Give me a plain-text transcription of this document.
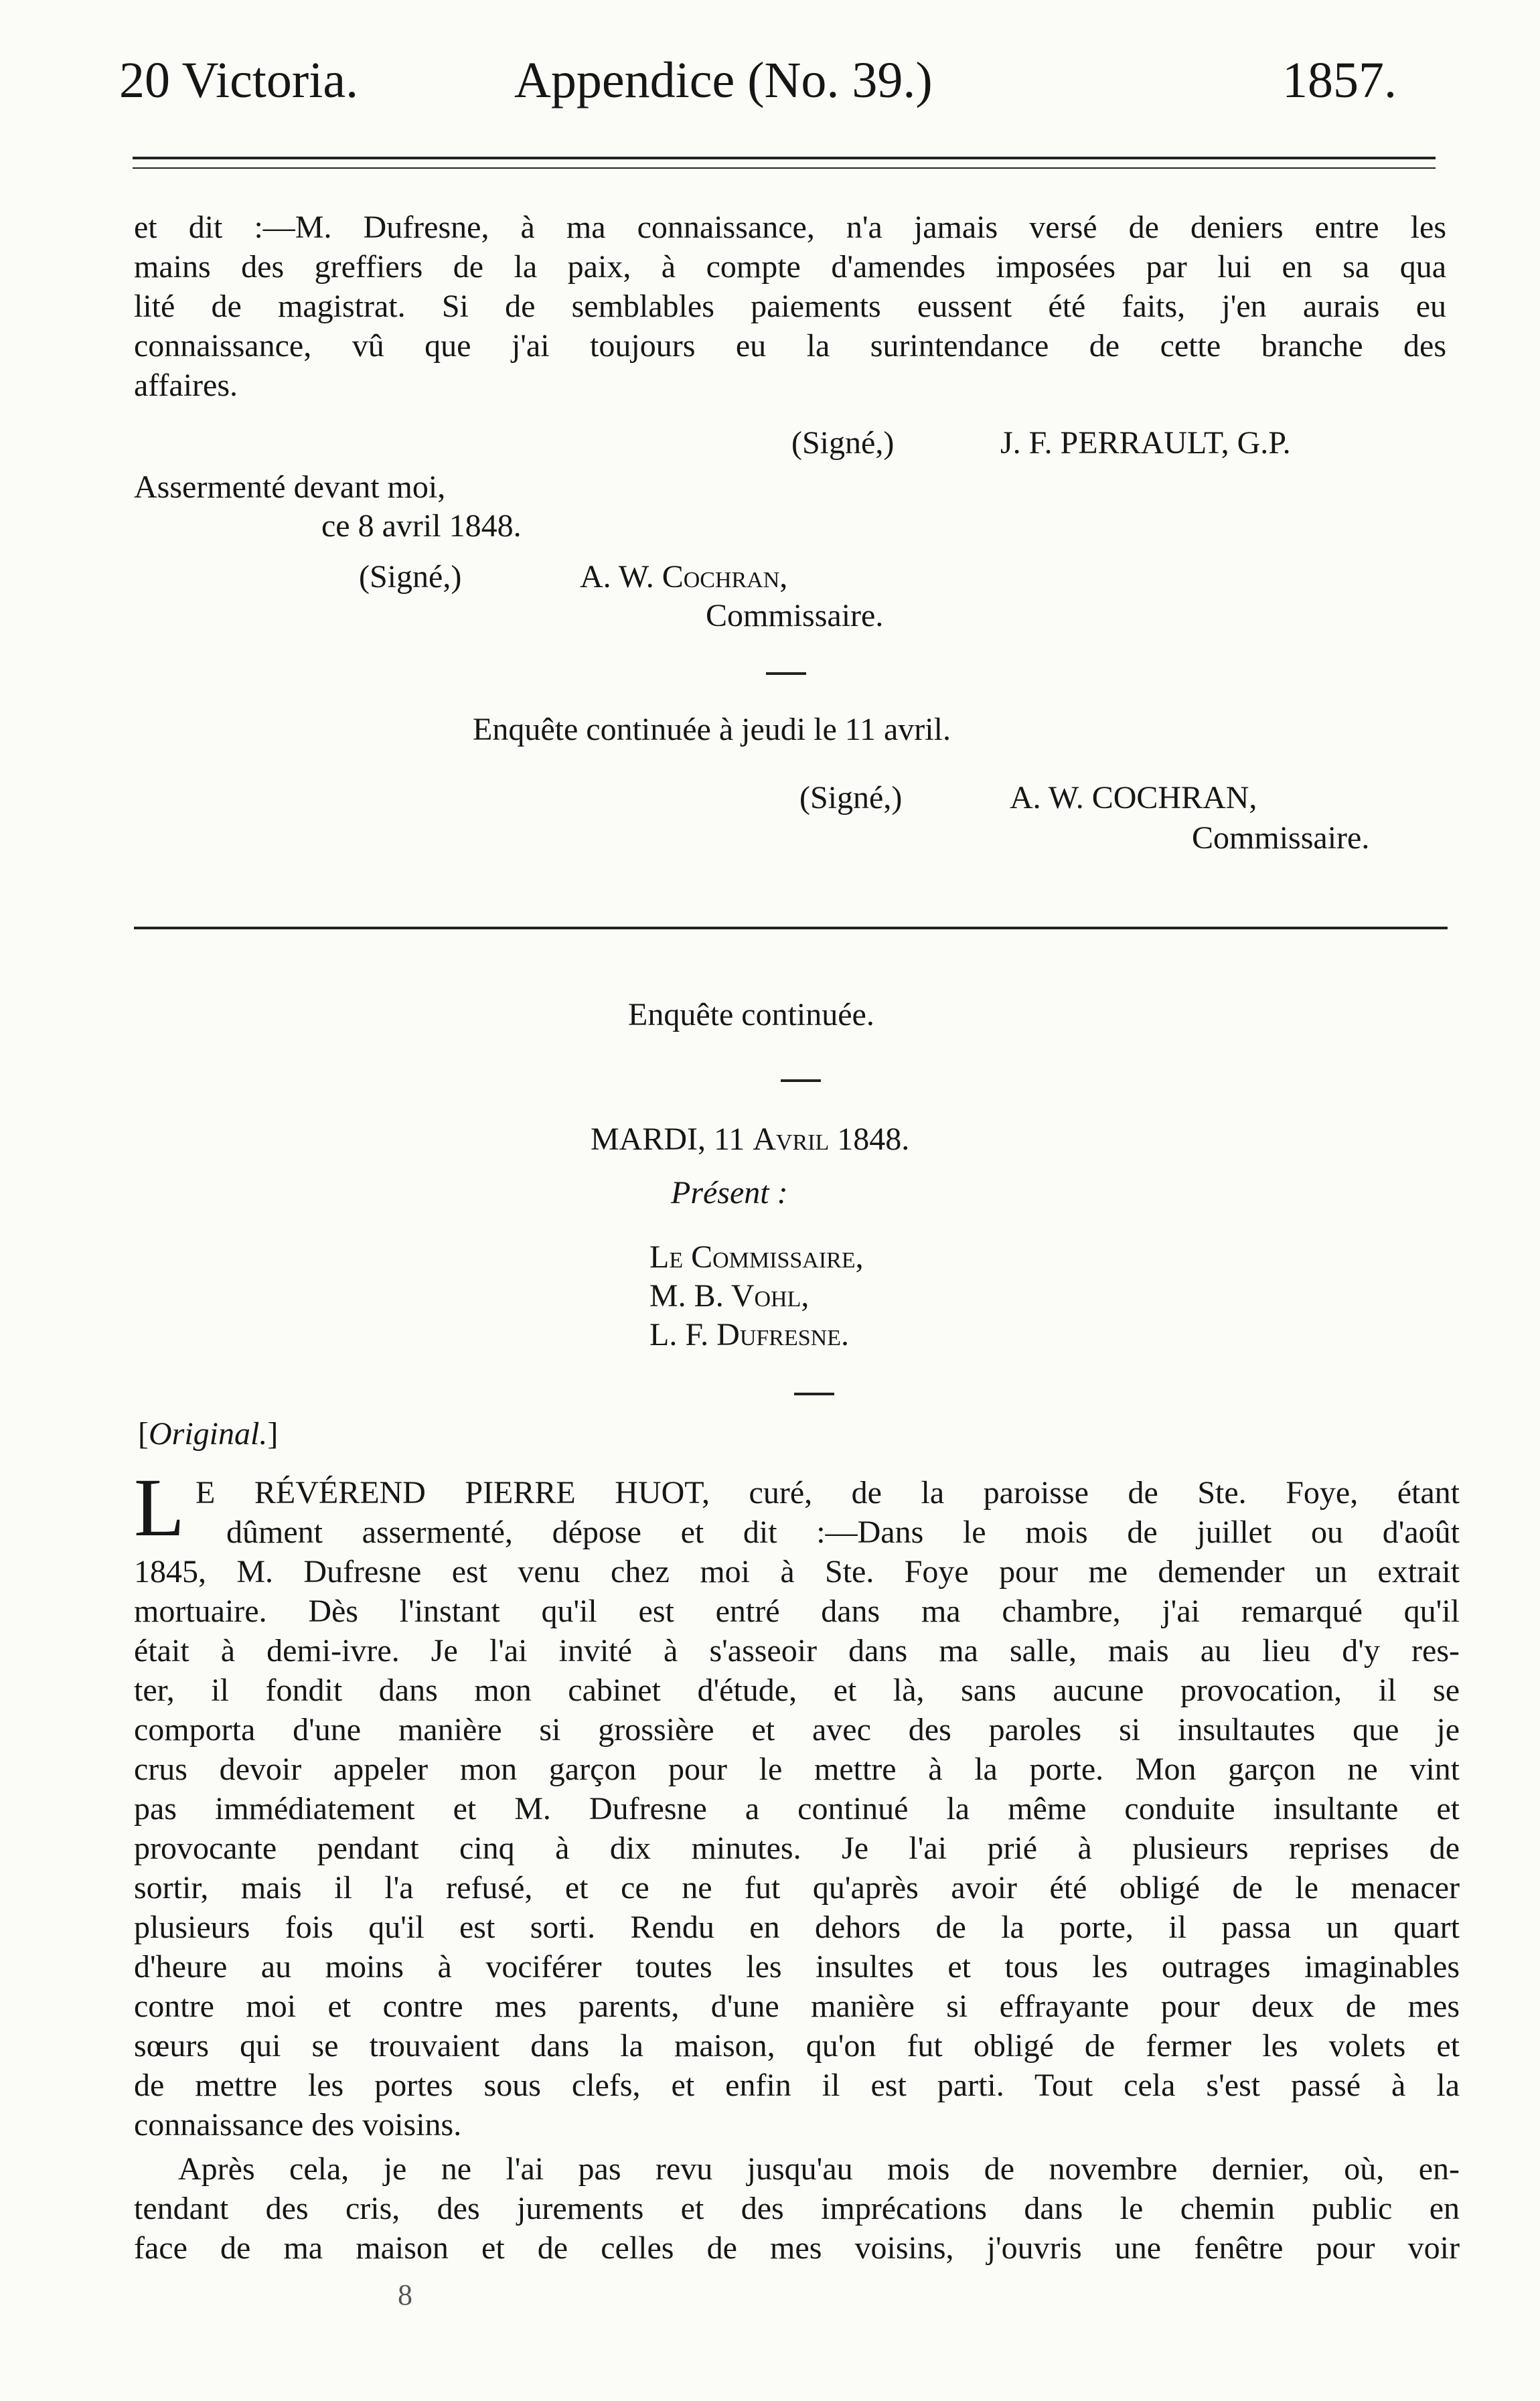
20 Victoria.	Appendice (No. 39.)	1857.
et dit :—M. Dufresne, à ma connaissance, n'a jamais versé de deniers entre les
mains des greffiers de la paix, à compte d'amendes imposées par lui en sa qua
lité de magistrat. Si de semblables paiements eussent été faits, j'en aurais eu
connaissance, vû que j'ai toujours eu la surintendance de cette branche des
affaires.
(Signé,)	J. F. PERRAULT, G.P.
Assermenté devant moi,
ce 8 avril 1848.
(Signé,)	A. W. Cochran,
Commissaire.
Enquête continuée à jeudi le 11 avril.
(Signé,)	A. W. COCHRAN,
Commissaire.
Enquête continuée.
MARDI, 11 Avril 1848.
Présent :
Le Commissaire,
M. B. Vohl,
L. F. Dufresne.
[Original.]
L E RÉVÉREND PIERRE HUOT, curé, de la paroisse de Ste. Foye, étant
dûment assermenté, dépose et dit :—Dans le mois de juillet ou d'août
1845, M. Dufresne est venu chez moi à Ste. Foye pour me demender un extrait
mortuaire. Dès l'instant qu'il est entré dans ma chambre, j'ai remarqué qu'il
était à demi-ivre. Je l'ai invité à s'asseoir dans ma salle, mais au lieu d'y res-
ter, il fondit dans mon cabinet d'étude, et là, sans aucune provocation, il se
comporta d'une manière si grossière et avec des paroles si insultautes que je
crus devoir appeler mon garçon pour le mettre à la porte. Mon garçon ne vint
pas immédiatement et M. Dufresne a continué la même conduite insultante et
provocante pendant cinq à dix minutes. Je l'ai prié à plusieurs reprises de
sortir, mais il l'a refusé, et ce ne fut qu'après avoir été obligé de le menacer
plusieurs fois qu'il est sorti. Rendu en dehors de la porte, il passa un quart
d'heure au moins à vociférer toutes les insultes et tous les outrages imaginables
contre moi et contre mes parents, d'une manière si effrayante pour deux de mes
sœurs qui se trouvaient dans la maison, qu'on fut obligé de fermer les volets et
de mettre les portes sous clefs, et enfin il est parti. Tout cela s'est passé à la
connaissance des voisins.
Après cela, je ne l'ai pas revu jusqu'au mois de novembre dernier, où, en-
tendant des cris, des jurements et des imprécations dans le chemin public en
face de ma maison et de celles de mes voisins, j'ouvris une fenêtre pour voir
8
